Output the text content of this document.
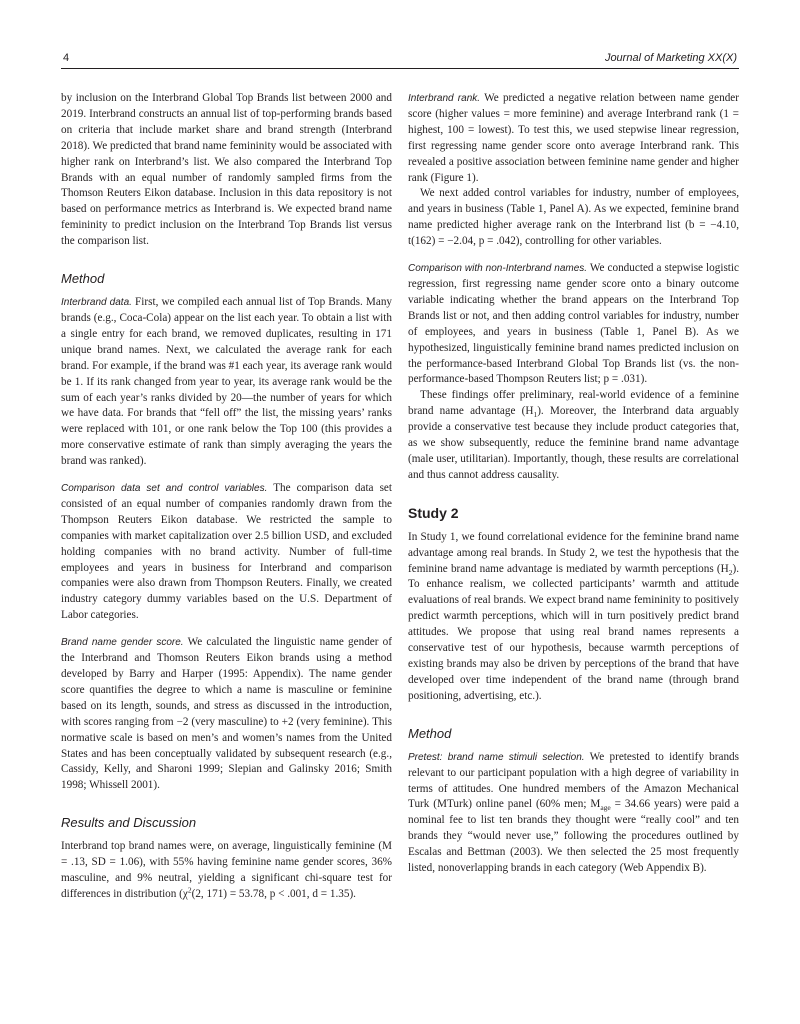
4	Journal of Marketing XX(X)

by inclusion on the Interbrand Global Top Brands list between 2000 and 2019. Interbrand constructs an annual list of top-performing brands based on criteria that include market share and brand strength (Interbrand 2018). We predicted that brand name femininity would be associated with higher rank on Interbrand’s list. We also compared the Interbrand Top Brands with an equal number of randomly sampled firms from the Thomson Reuters Eikon database. Inclusion in this data repository is not based on performance metrics as Interbrand is. We expected brand name femininity to predict inclusion on the Interbrand Top Brands list versus the comparison list.

Method

Interbrand data. First, we compiled each annual list of Top Brands. Many brands (e.g., Coca-Cola) appear on the list each year. To obtain a list with a single entry for each brand, we removed duplicates, resulting in 171 unique brand names. Next, we calculated the average rank for each brand. For example, if the brand was #1 each year, its average rank would be 1. If its rank changed from year to year, its average rank would be the sum of each year’s ranks divided by 20—the number of years for which we have data. For brands that “fell off” the list, the missing years’ ranks were replaced with 101, or one rank below the Top 100 (this provides a more conservative estimate of rank than simply averaging the years the brand was ranked).

Comparison data set and control variables. The comparison data set consisted of an equal number of companies randomly drawn from the Thompson Reuters Eikon database. We restricted the sample to companies with market capitalization over 2.5 billion USD, and excluded holding companies with no brand activity. Number of full-time employees and years in business for Interbrand and comparison companies were also drawn from Thompson Reuters. Finally, we created industry category dummy variables based on the U.S. Department of Labor categories.

Brand name gender score. We calculated the linguistic name gender of the Interbrand and Thomson Reuters Eikon brands using a method developed by Barry and Harper (1995: Appendix). The name gender score quantifies the degree to which a name is masculine or feminine based on its length, sounds, and stress as discussed in the introduction, with scores ranging from −2 (very masculine) to +2 (very feminine). This normative scale is based on men’s and women’s names from the United States and has been conceptually validated by subsequent research (e.g., Cassidy, Kelly, and Sharoni 1999; Slepian and Galinsky 2016; Smith 1998; Whissell 2001).

Results and Discussion

Interbrand top brand names were, on average, linguistically feminine (M = .13, SD = 1.06), with 55% having feminine name gender scores, 36% masculine, and 9% neutral, yielding a significant chi-square test for differences in distribution ($\chi^2(2$, 171) = 53.78, p < .001, d = 1.35).

Interbrand rank. We predicted a negative relation between name gender score (higher values = more feminine) and average Interbrand rank (1 = highest, 100 = lowest). To test this, we used stepwise linear regression, first regressing name gender score onto average Interbrand rank. This revealed a positive association between feminine name gender and higher rank (Figure 1).

We next added control variables for industry, number of employees, and years in business (Table 1, Panel A). As we expected, feminine brand name predicted higher average rank on the Interbrand list (b = −4.10, t(162) = −2.04, p = .042), controlling for other variables.

Comparison with non-Interbrand names. We conducted a stepwise logistic regression, first regressing name gender score onto a binary outcome variable indicating whether the brand appears on the Interbrand Top Brands list or not, and then adding control variables for industry, number of employees, and years in business (Table 1, Panel B). As we hypothesized, linguistically feminine brand names predicted inclusion on the performance-based Interbrand Global Top Brands list (vs. the non-performance-based Thompson Reuters list; p = .031).

These findings offer preliminary, real-world evidence of a feminine brand name advantage $(H_1)$. Moreover, the Interbrand data arguably provide a conservative test because they include product categories that, as we show subsequently, reduce the feminine brand name advantage (male user, utilitarian). Importantly, though, these results are correlational and thus cannot address causality.

Study 2

In Study 1, we found correlational evidence for the feminine brand name advantage among real brands. In Study 2, we test the hypothesis that the feminine brand name advantage is mediated by warmth perceptions $(H_2)$. To enhance realism, we collected participants’ warmth and attitude evaluations of real brands. We expect brand name femininity to positively predict warmth perceptions, which will in turn positively predict brand attitudes. We propose that using real brand names represents a conservative test of our hypothesis, because warmth perceptions of existing brands may also be driven by perceptions of the brand that have developed over time independent of the brand name (through brand positioning, advertising, etc.).

Method

Pretest: brand name stimuli selection. We pretested to identify brands relevant to our participant population with a high degree of variability in terms of attitudes. One hundred members of the Amazon Mechanical Turk (MTurk) online panel (60% men; $M_{age} = 34.66$ years) were paid a nominal fee to list ten brands they thought were “really cool” and ten brands they “would never use,” following the procedures outlined by Escalas and Bettman (2003). We then selected the 25 most frequently listed, nonoverlapping brands in each category (Web Appendix B).
